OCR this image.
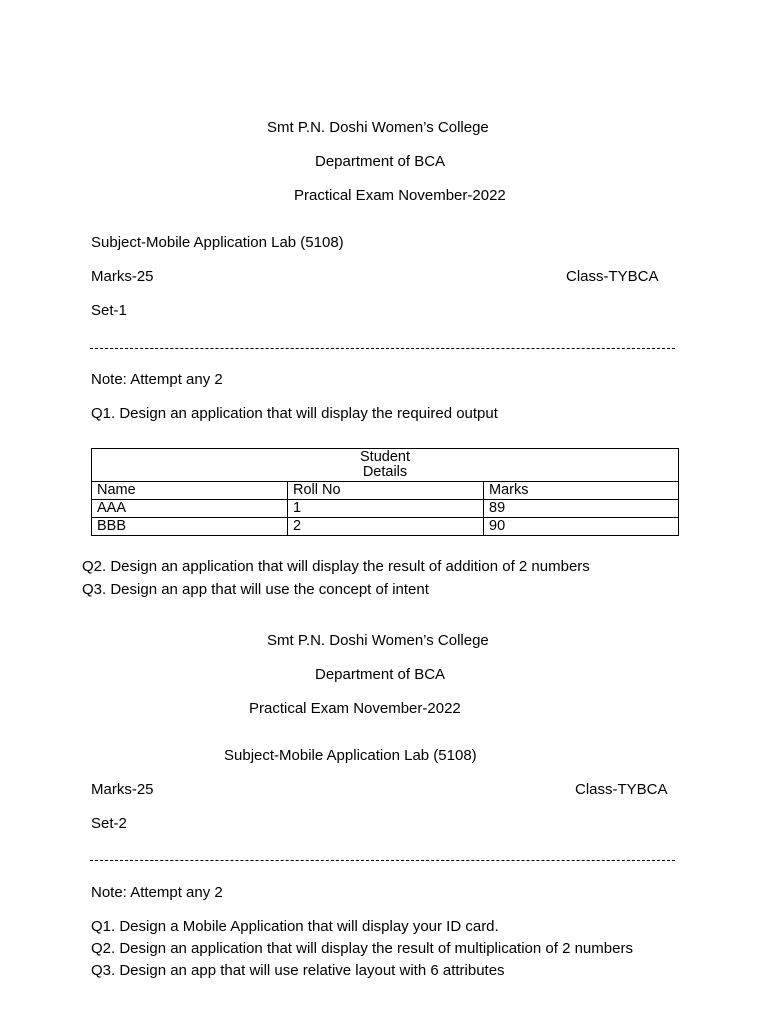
Smt P.N. Doshi Women’s College
Department of BCA
Practical Exam November-2022
Subject-Mobile Application Lab (5108)
Marks-25	Class-TYBCA
Set-1
Note: Attempt any 2
Q1. Design an application that will display the required output
Student
Details		
Name	Roll No	Marks
AAA	1	89
BBB	2	90
Q2. Design an application that will display the result of addition of 2 numbers
Q3. Design an app that will use the concept of intent
Smt P.N. Doshi Women’s College
Department of BCA
Practical Exam November-2022
Subject-Mobile Application Lab (5108)
Marks-25	Class-TYBCA
Set-2
Note: Attempt any 2
Q1. Design a Mobile Application that will display your ID card.
Q2. Design an application that will display the result of multiplication of 2 numbers
Q3. Design an app that will use relative layout with 6 attributes
